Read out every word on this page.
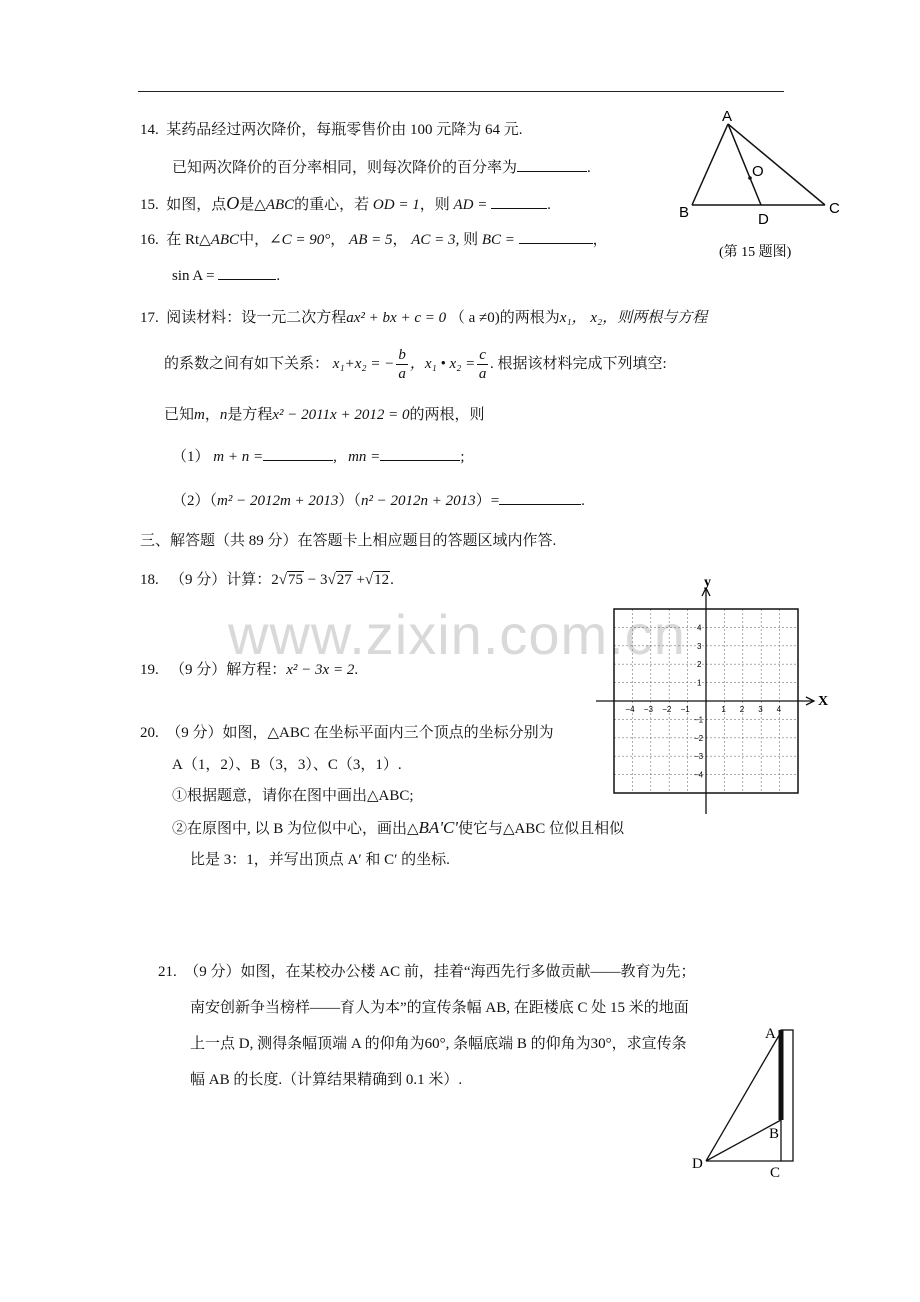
www.zixin.com.cn
14. 某药品经过两次降价，每瓶零售价由 100 元降为 64 元.
已知两次降价的百分率相同，则每次降价的百分率为	.
15. 如图，点O是△ABC的重心，若 OD = 1，则 AD =	.
16. 在 Rt△ABC中，∠C = 90°， AB = 5， AC = 3, 则 BC =	，
sin A =	.
A
B	C
D
O
(第 15 题图)
17. 阅读材料：设一元二次方程ax² + bx + c = 0 （ a ≠0)的两根为x₁， x₂，则两根与方程
的系数之间有如下关系： x₁+x₂ = − $\frac{b}{a}$ ，x₁ • $x_2 = \frac{c}{a}$ . 根据该材料完成下列填空:
已知m，n是方程x² − 2011x + 2012 = 0的两根，则
（1） m + n =	,   mn =	;
（2）（m² − 2012m + 2013）（n² − 2012n + 2013）=	.
三、解答题（共 89 分）在答题卡上相应题目的答题区域内作答.
18. （9 分）计算：2√75 − 3√27 +√12.
19. （9 分）解方程：x² − 3x = 2.
20. （9 分）如图，△ABC 在坐标平面内三个顶点的坐标分别为
A（1，2）、B（3，3）、C（3，1）.
①根据题意，请你在图中画出△ABC;
②在原图中, 以 B 为位似中心，画出△BA'C'使它与△ABC 位似且相似
比是 3：1，并写出顶点 A′ 和 C′ 的坐标.
X
y
−4 −3 −2 −1	1 2 3 4
4
3
2
1
−1
−2
−3
−4
21. （9 分）如图，在某校办公楼 AC 前，挂着“海西先行多做贡献——教育为先；
南安创新争当榜样——育人为本”的宣传条幅 AB, 在距楼底 C 处 15 米的地面
上一点 D, 测得条幅顶端 A 的仰角为60°, 条幅底端 B 的仰角为30°，求宣传条
幅 AB 的长度.（计算结果精确到 0.1 米）.
A
B
C
D
